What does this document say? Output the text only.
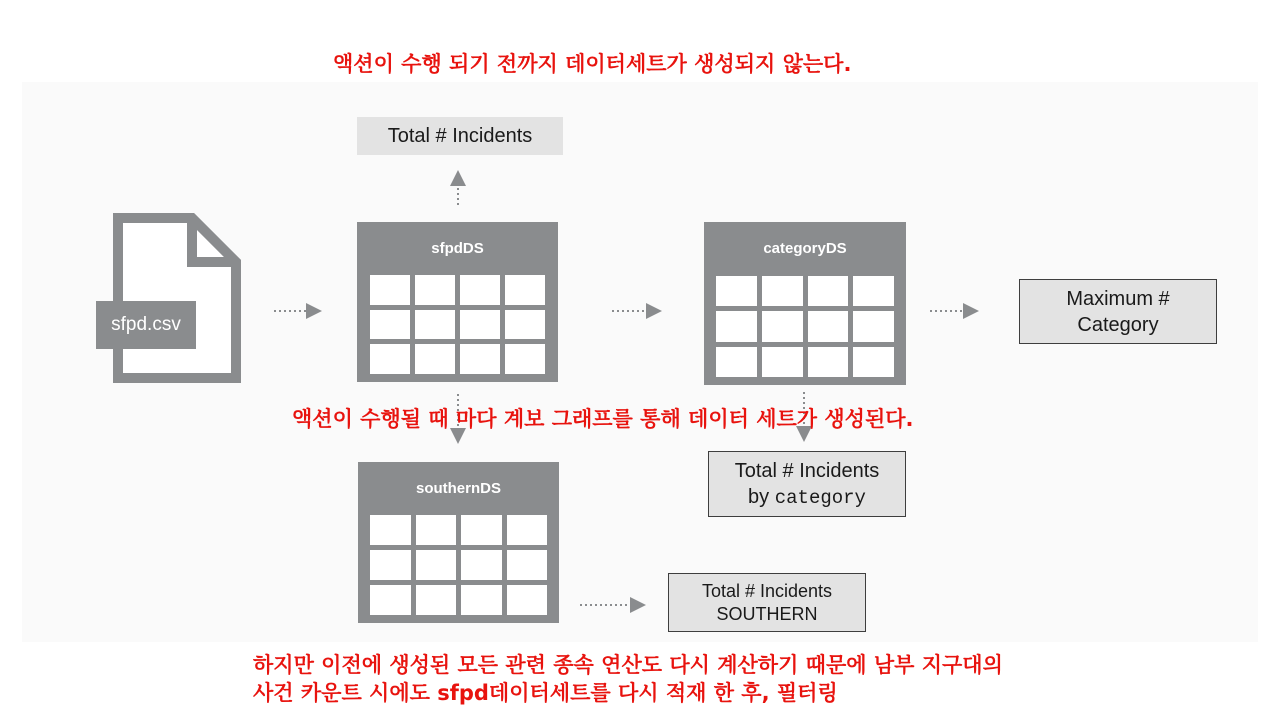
액션이 수행 되기 전까지 데이터세트가 생성되지 않는다.
액션이 수행될 때 마다 계보 그래프를 통해 데이터 세트가 생성된다.
하지만 이전에 생성된 모든 관련 종속 연산도 다시 계산하기 때문에 남부 지구대의
사건 카운트 시에도 sfpd데이터세트를 다시 적재 한 후, 필터링
sfpd.csv
Total # Incidents
Maximum #
Category
Total # Incidents
by category
Total # Incidents
SOUTHERN
sfpdDS	categoryDS
southernDS
